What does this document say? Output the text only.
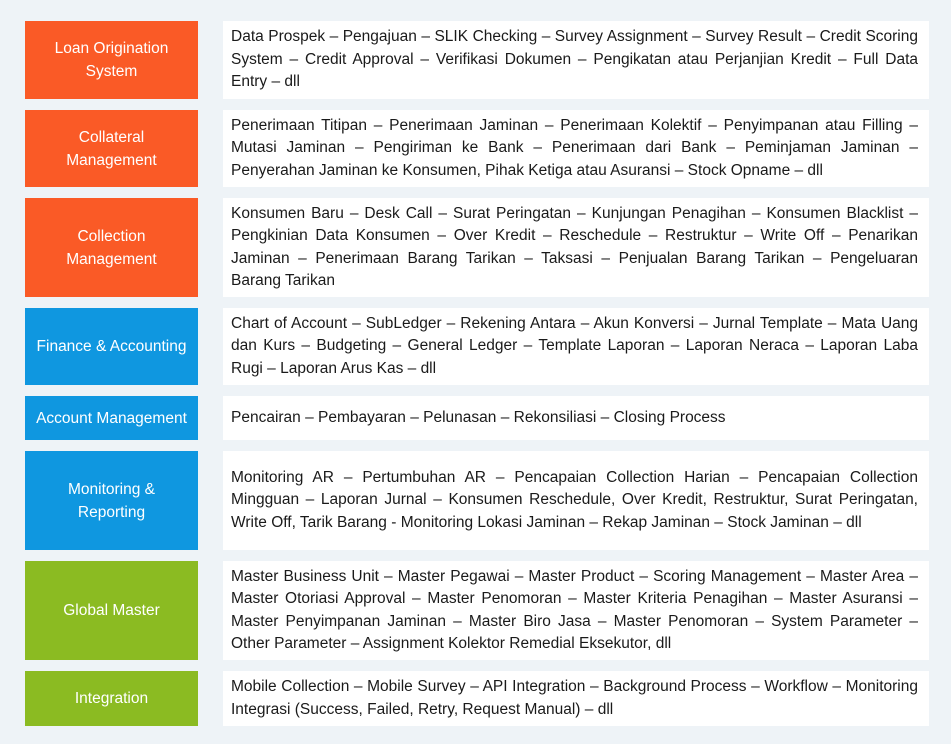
Loan Origination System
Data Prospek – Pengajuan – SLIK Checking – Survey Assignment – Survey Result – Credit Scoring System – Credit Approval – Verifikasi Dokumen – Pengikatan atau Perjanjian Kredit – Full Data Entry – dll
Collateral Management
Penerimaan Titipan – Penerimaan Jaminan – Penerimaan Kolektif – Penyimpanan atau Filling – Mutasi Jaminan – Pengiriman ke Bank – Penerimaan dari Bank – Peminjaman Jaminan – Penyerahan Jaminan ke Konsumen, Pihak Ketiga atau Asuransi – Stock Opname – dll
Collection Management
Konsumen Baru – Desk Call – Surat Peringatan – Kunjungan Penagihan – Konsumen Blacklist – Pengkinian Data Konsumen – Over Kredit – Reschedule – Restruktur – Write Off – Penarikan Jaminan – Penerimaan Barang Tarikan – Taksasi – Penjualan Barang Tarikan – Pengeluaran Barang Tarikan
Finance & Accounting
Chart of Account – SubLedger – Rekening Antara – Akun Konversi – Jurnal Template – Mata Uang dan Kurs – Budgeting – General Ledger – Template Laporan – Laporan Neraca – Laporan Laba Rugi – Laporan Arus Kas – dll
Account Management	Pencairan – Pembayaran – Pelunasan – Rekonsiliasi – Closing Process
Monitoring & Reporting
Monitoring AR – Pertumbuhan AR – Pencapaian Collection Harian – Pencapaian Collection Mingguan – Laporan Jurnal – Konsumen Reschedule, Over Kredit, Restruktur, Surat Peringatan, Write Off, Tarik Barang - Monitoring Lokasi Jaminan – Rekap Jaminan – Stock Jaminan – dll
Global Master
Master Business Unit – Master Pegawai – Master Product – Scoring Management – Master Area – Master Otoriasi Approval – Master Penomoran – Master Kriteria Penagihan – Master Asuransi – Master Penyimpanan Jaminan – Master Biro Jasa – Master Penomoran – System Parameter – Other Parameter – Assignment Kolektor Remedial Eksekutor, dll
Integration
Mobile Collection – Mobile Survey – API Integration – Background Process – Workflow – Monitoring Integrasi (Success, Failed, Retry, Request Manual) – dll
